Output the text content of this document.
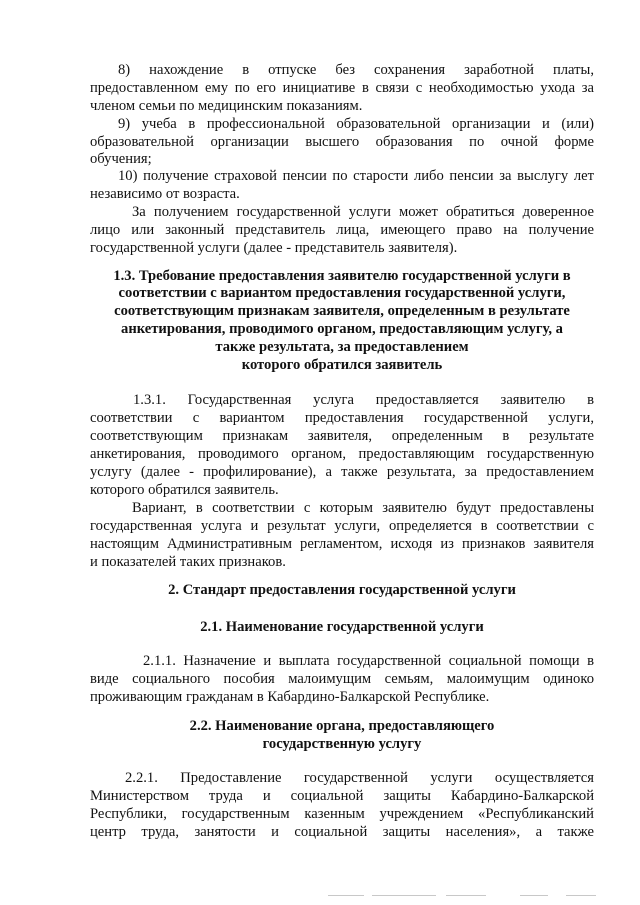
8) нахождение в отпуске без сохранения заработной платы,
предоставленном ему по его инициативе в связи с необходимостью ухода за
членом семьи по медицинским показаниям.
9) учеба в профессиональной образовательной организации и (или)
образовательной организации высшего образования по очной форме
обучения;
10) получение страховой пенсии по старости либо пенсии за выслугу лет
независимо от возраста.
За получением государственной услуги может обратиться доверенное
лицо или законный представитель лица, имеющего право на получение
государственной услуги (далее - представитель заявителя).
1.3. Требование предоставления заявителю государственной услуги в
соответствии с вариантом предоставления государственной услуги,
соответствующим признакам заявителя, определенным в результате
анкетирования, проводимого органом, предоставляющим услугу, а
также результата, за предоставлением
которого обратился заявитель
1.3.1. Государственная услуга предоставляется заявителю в
соответствии с вариантом предоставления государственной услуги,
соответствующим признакам заявителя, определенным в результате
анкетирования, проводимого органом, предоставляющим государственную
услугу (далее - профилирование), а также результата, за предоставлением
которого обратился заявитель.
Вариант, в соответствии с которым заявителю будут предоставлены
государственная услуга и результат услуги, определяется в соответствии с
настоящим Административным регламентом, исходя из признаков заявителя
и показателей таких признаков.
2. Стандарт предоставления государственной услуги
2.1. Наименование государственной услуги
2.1.1. Назначение и выплата государственной социальной помощи в
виде социального пособия малоимущим семьям, малоимущим одиноко
проживающим гражданам в Кабардино-Балкарской Республике.
2.2. Наименование органа, предоставляющего
государственную услугу
2.2.1. Предоставление государственной услуги осуществляется
Министерством труда и социальной защиты Кабардино-Балкарской
Республики, государственным казенным учреждением «Республиканский
центр труда, занятости и социальной защиты населения», а также
